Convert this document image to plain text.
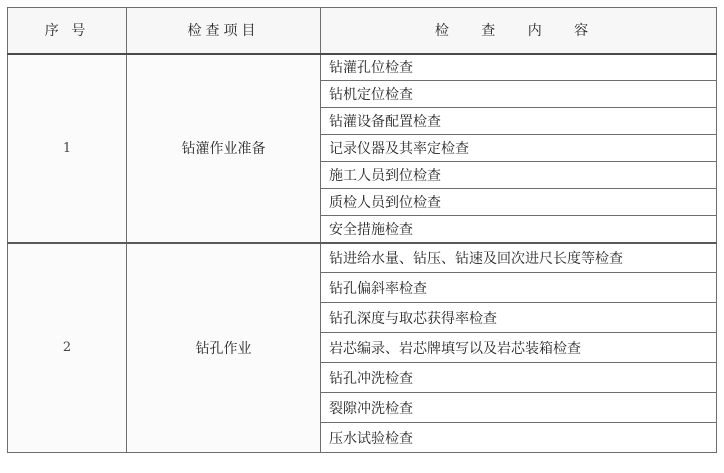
序 号	检查项目	检 查 内 容
1	钻灌作业准备	钻灌孔位检查
		钻机定位检查
		钻灌设备配置检查
		记录仪器及其率定检查
		施工人员到位检查
		质检人员到位检查
		安全措施检查
2	钻孔作业	钻进给水量、钻压、钻速及回次进尺长度等检查
		钻孔偏斜率检查
		钻孔深度与取芯获得率检查
		岩芯编录、岩芯牌填写以及岩芯装箱检查
		钻孔冲洗检查
		裂隙冲洗检查
		压水试验检查
